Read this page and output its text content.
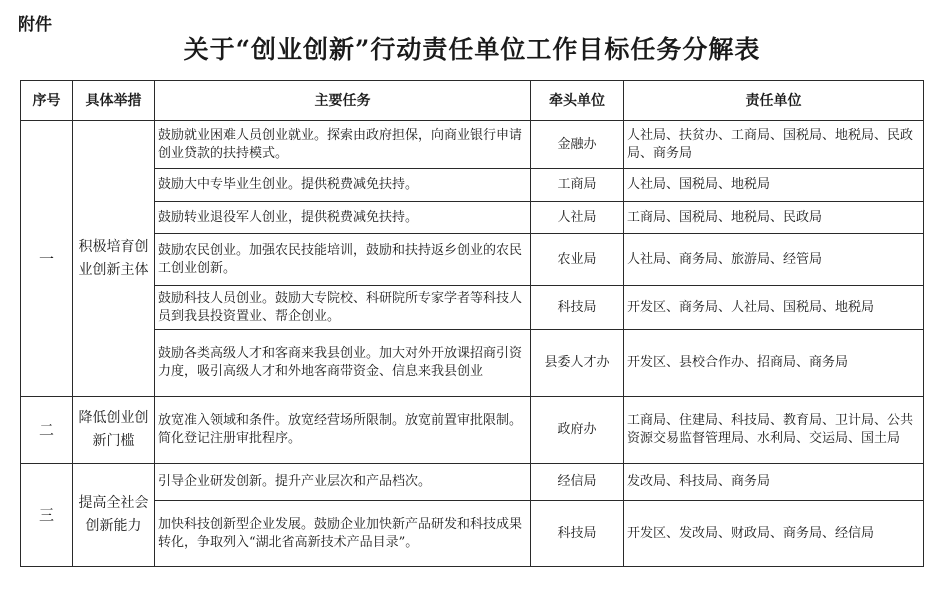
附件
关于“创业创新”行动责任单位工作目标任务分解表
序号	具体举措	主要任务	牵头单位	责任单位
一	积极培育创业创新主体	鼓励就业困难人员创业就业。探索由政府担保，向商业银行申请创业贷款的扶持模式。	金融办	人社局、扶贫办、工商局、国税局、地税局、民政局、商务局
		鼓励大中专毕业生创业。提供税费减免扶持。	工商局	人社局、国税局、地税局
		鼓励转业退役军人创业，提供税费减免扶持。	人社局	工商局、国税局、地税局、民政局
		鼓励农民创业。加强农民技能培训，鼓励和扶持返乡创业的农民工创业创新。	农业局	人社局、商务局、旅游局、经管局
		鼓励科技人员创业。鼓励大专院校、科研院所专家学者等科技人员到我县投资置业、帮企创业。	科技局	开发区、商务局、人社局、国税局、地税局
		鼓励各类高级人才和客商来我县创业。加大对外开放课招商引资力度，吸引高级人才和外地客商带资金、信息来我县创业	县委人才办	开发区、县校合作办、招商局、商务局
二	降低创业创新门槛	放宽准入领域和条件。放宽经营场所限制。放宽前置审批限制。简化登记注册审批程序。	政府办	工商局、住建局、科技局、教育局、卫计局、公共资源交易监督管理局、水利局、交运局、国土局
三	提高全社会创新能力	引导企业研发创新。提升产业层次和产品档次。	经信局	发改局、科技局、商务局
		加快科技创新型企业发展。鼓励企业加快新产品研发和科技成果转化，争取列入“湖北省高新技术产品目录”。	科技局	开发区、发改局、财政局、商务局、经信局
